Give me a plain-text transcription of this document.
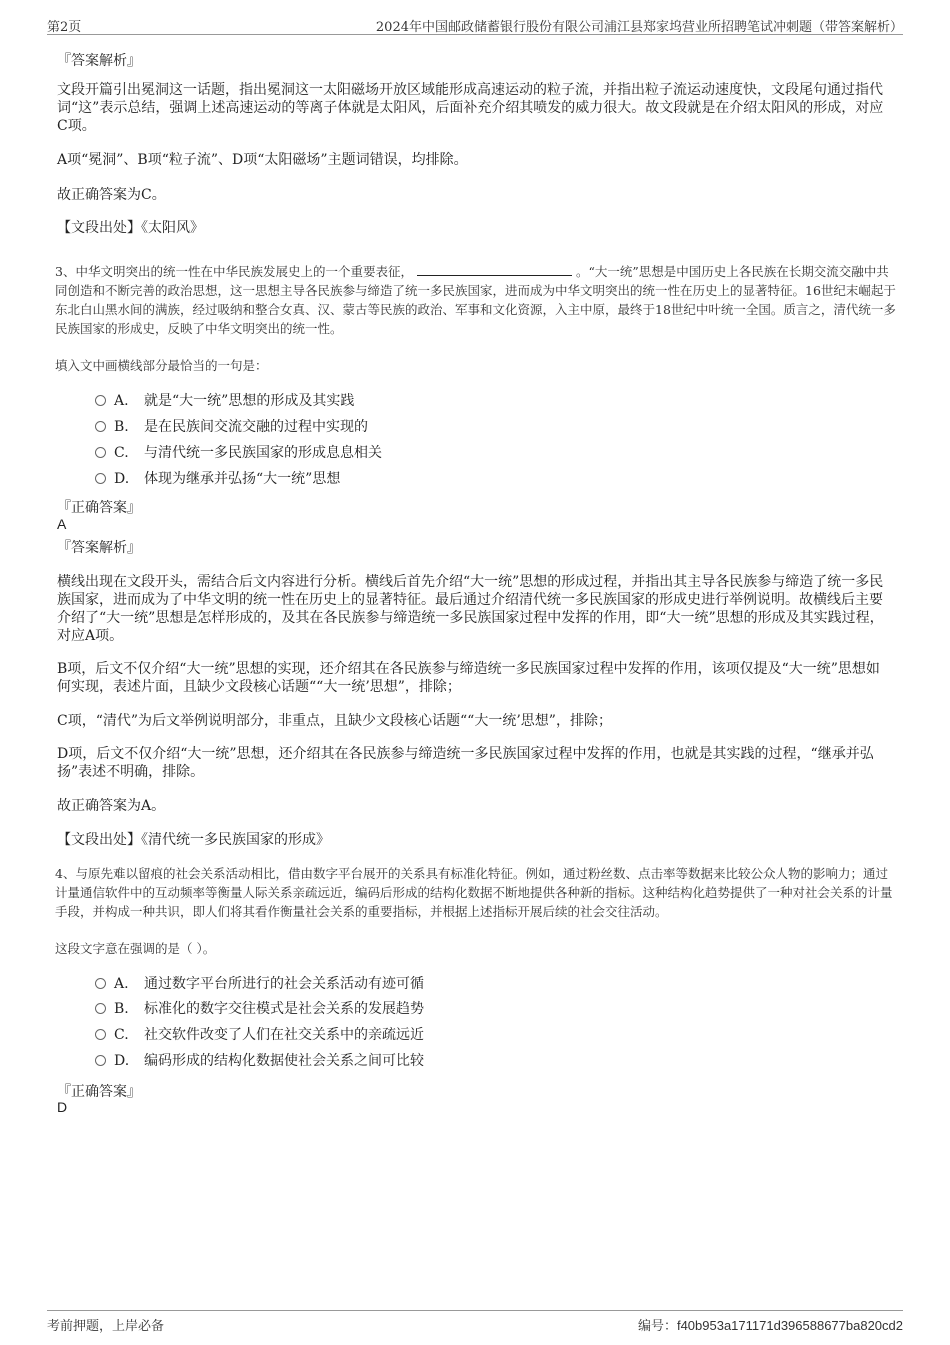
第2页	2024年中国邮政储蓄银行股份有限公司浦江县郑家坞营业所招聘笔试冲刺题（带答案解析）
『答案解析』
文段开篇引出冕洞这一话题，指出冕洞这一太阳磁场开放区域能形成高速运动的粒子流，并指出粒子流运动速度快，文段尾句通过指代词“这”表示总结，强调上述高速运动的等离子体就是太阳风，后面补充介绍其喷发的威力很大。故文段就是在介绍太阳风的形成，对应C项。
A项“冕洞”、B项“粒子流”、D项“太阳磁场”主题词错误，均排除。
故正确答案为C。
【文段出处】《太阳风》
3、中华文明突出的统一性在中华民族发展史上的一个重要表征，	。“大一统”思想是中国历史上各民族在长期交流交融中共同创造和不断完善的政治思想，这一思想主导各民族参与缔造了统一多民族国家，进而成为中华文明突出的统一性在历史上的显著特征。16世纪末崛起于东北白山黑水间的满族，经过吸纳和整合女真、汉、蒙古等民族的政治、军事和文化资源，入主中原，最终于18世纪中叶统一全国。质言之，清代统一多民族国家的形成史，反映了中华文明突出的统一性。
填入文中画横线部分最恰当的一句是：
A. 就是“大一统”思想的形成及其实践
B. 是在民族间交流交融的过程中实现的
C. 与清代统一多民族国家的形成息息相关
D. 体现为继承并弘扬“大一统”思想
『正确答案』
A
『答案解析』
横线出现在文段开头，需结合后文内容进行分析。横线后首先介绍“大一统”思想的形成过程，并指出其主导各民族参与缔造了统一多民族国家，进而成为了中华文明的统一性在历史上的显著特征。最后通过介绍清代统一多民族国家的形成史进行举例说明。故横线后主要介绍了“大一统”思想是怎样形成的，及其在各民族参与缔造统一多民族国家过程中发挥的作用，即“大一统”思想的形成及其实践过程，对应A项。
B项，后文不仅介绍“大一统”思想的实现，还介绍其在各民族参与缔造统一多民族国家过程中发挥的作用，该项仅提及“大一统”思想如何实现，表述片面，且缺少文段核心话题““大一统’思想”，排除；
C项，“清代”为后文举例说明部分，非重点，且缺少文段核心话题““大一统’思想”，排除；
D项，后文不仅介绍“大一统”思想，还介绍其在各民族参与缔造统一多民族国家过程中发挥的作用，也就是其实践的过程，“继承并弘扬”表述不明确，排除。
故正确答案为A。
【文段出处】《清代统一多民族国家的形成》
4、与原先难以留痕的社会关系活动相比，借由数字平台展开的关系具有标准化特征。例如，通过粉丝数、点击率等数据来比较公众人物的影响力；通过计量通信软件中的互动频率等衡量人际关系亲疏远近，编码后形成的结构化数据不断地提供各种新的指标。这种结构化趋势提供了一种对社会关系的计量手段，并构成一种共识，即人们将其看作衡量社会关系的重要指标，并根据上述指标开展后续的社会交往活动。
这段文字意在强调的是（ ）。
A. 通过数字平台所进行的社会关系活动有迹可循
B. 标准化的数字交往模式是社会关系的发展趋势
C. 社交软件改变了人们在社交关系中的亲疏远近
D. 编码形成的结构化数据使社会关系之间可比较
『正确答案』
D
考前押题，上岸必备	编号：f40b953a171171d396588677ba820cd2
